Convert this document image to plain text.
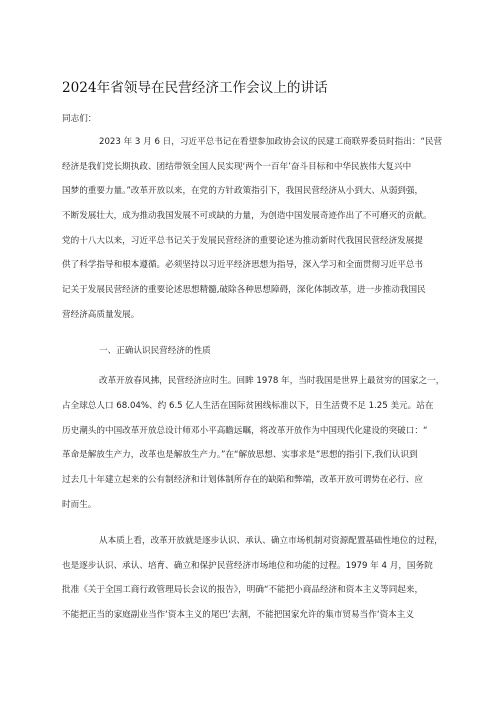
2024年省领导在民营经济工作会议上的讲话

同志们：

2023 年 3 月 6 日，习近平总书记在看望参加政协会议的民建工商联界委员时指出：“民营

经济是我们党长期执政、团结带领全国人民实现‘两个一百年’奋斗目标和中华民族伟大复兴中

国梦的重要力量。”改革开放以来，在党的方针政策指引下，我国民营经济从小到大、从弱到强，

不断发展壮大，成为推动我国发展不可或缺的力量，为创造中国发展奇迹作出了不可磨灭的贡献。

党的十八大以来，习近平总书记关于发展民营经济的重要论述为推动新时代我国民营经济发展提

供了科学指导和根本遵循。必须坚持以习近平经济思想为指导，深入学习和全面贯彻习近平总书

记关于发展民营经济的重要论述思想精髓,破除各种思想障碍，深化体制改革，进一步推动我国民

营经济高质量发展。

一、正确认识民营经济的性质

改革开放春风拂，民营经济应时生。回眸 1978 年，当时我国是世界上最贫穷的国家之一，

占全球总人口 68.04%、约 6.5 亿人生活在国际贫困线标准以下，日生活费不足 1.25 美元。站在

历史潮头的中国改革开放总设计师邓小平高瞻远瞩，将改革开放作为中国现代化建设的突破口：“

革命是解放生产力，改革也是解放生产力。”在“解放思想、实事求是”思想的指引下,我们认识到

过去几十年建立起来的公有制经济和计划体制所存在的缺陷和弊端，改革开放可谓势在必行、应

时而生。

从本质上看，改革开放就是逐步认识、承认、确立市场机制对资源配置基础性地位的过程，

也是逐步认识、承认、培育、确立和保护民营经济市场地位和功能的过程。1979 年 4 月，国务院

批准《关于全国工商行政管理局长会议的报告》，明确“不能把小商品经济和资本主义等同起来，

不能把正当的家庭副业当作‘资本主义的尾巴’去割，不能把国家允许的集市贸易当作‘资本主义
